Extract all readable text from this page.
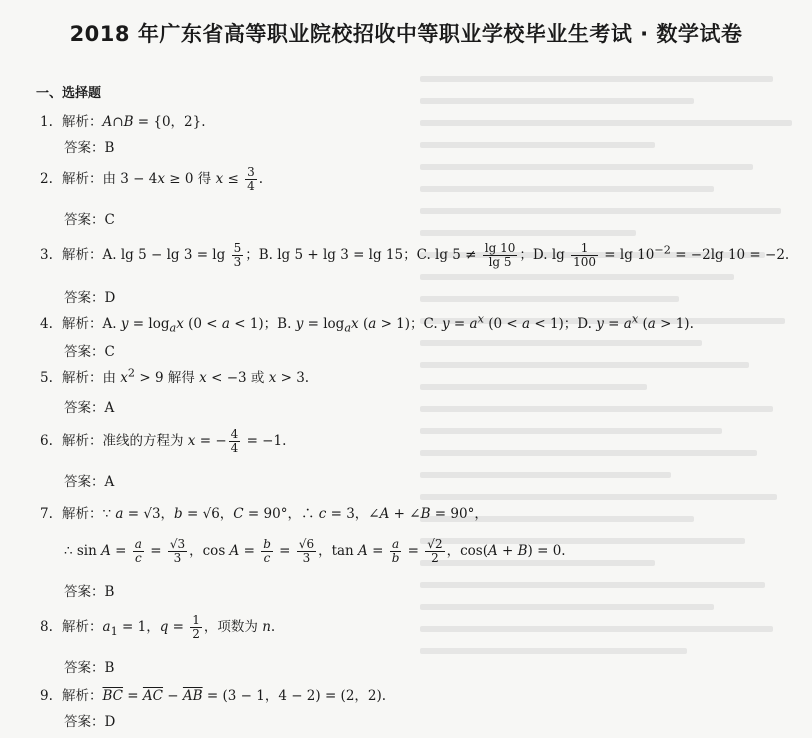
2018 年广东省高等职业院校招收中等职业学校毕业生考试 · 数学试卷
一、选择题
1. 解析：A∩B = {0，2}.
答案：B
2. 解析：由 3 − 4x ≥ 0 得 $x \le \frac{3}{4}$ .
答案：C
3. 解析：A. $\lg 5 - \lg 3 = \lg \frac{5}{3}$ ；B. lg 5 + lg 3 = lg 15；C. $\lg 5 \ne \frac{\lg 10}{\lg 5}$ ；D. $\lg \frac{1}{100} = \lg 10^{-2} = -2\lg$ 10 = −2.
答案：D
4. 解析：A. $y = \log_ax$ (0 < a < 1)；B. $y = \log_ax$ (a > 1)；C. $y = a^x$ (0 < a < 1)；D. $y = a^x$ (a > 1).
答案：C
5. 解析：由 $x^2 > 9$ 解得 x < −3 或 x > 3.
答案：A
6. 解析：准线的方程为 x = − $\frac{4}{4} = -1$.
答案：A
7. 解析：∵ a = √3，b = √6，C = 90°，∴ c = 3，∠A + ∠B = 90°，
∴ $\sin A = \frac{a}{c} = \frac{√3}{3}$ ，$\cos A = \frac{b}{c} = \frac{√6}{3}$ ，$\tan A = \frac{a}{b} = \frac{√2}{2}$ ，cos(A + B) = 0.
答案：B
8. 解析：$a_1 = 1$，$q = \frac{1}{2}$ ，项数为 n.
答案：B
9. 解析：$\overline{BC} = \overline{AC} - \overline{AB} = (3 - 1$，4 − 2) = (2，2).
答案：D
